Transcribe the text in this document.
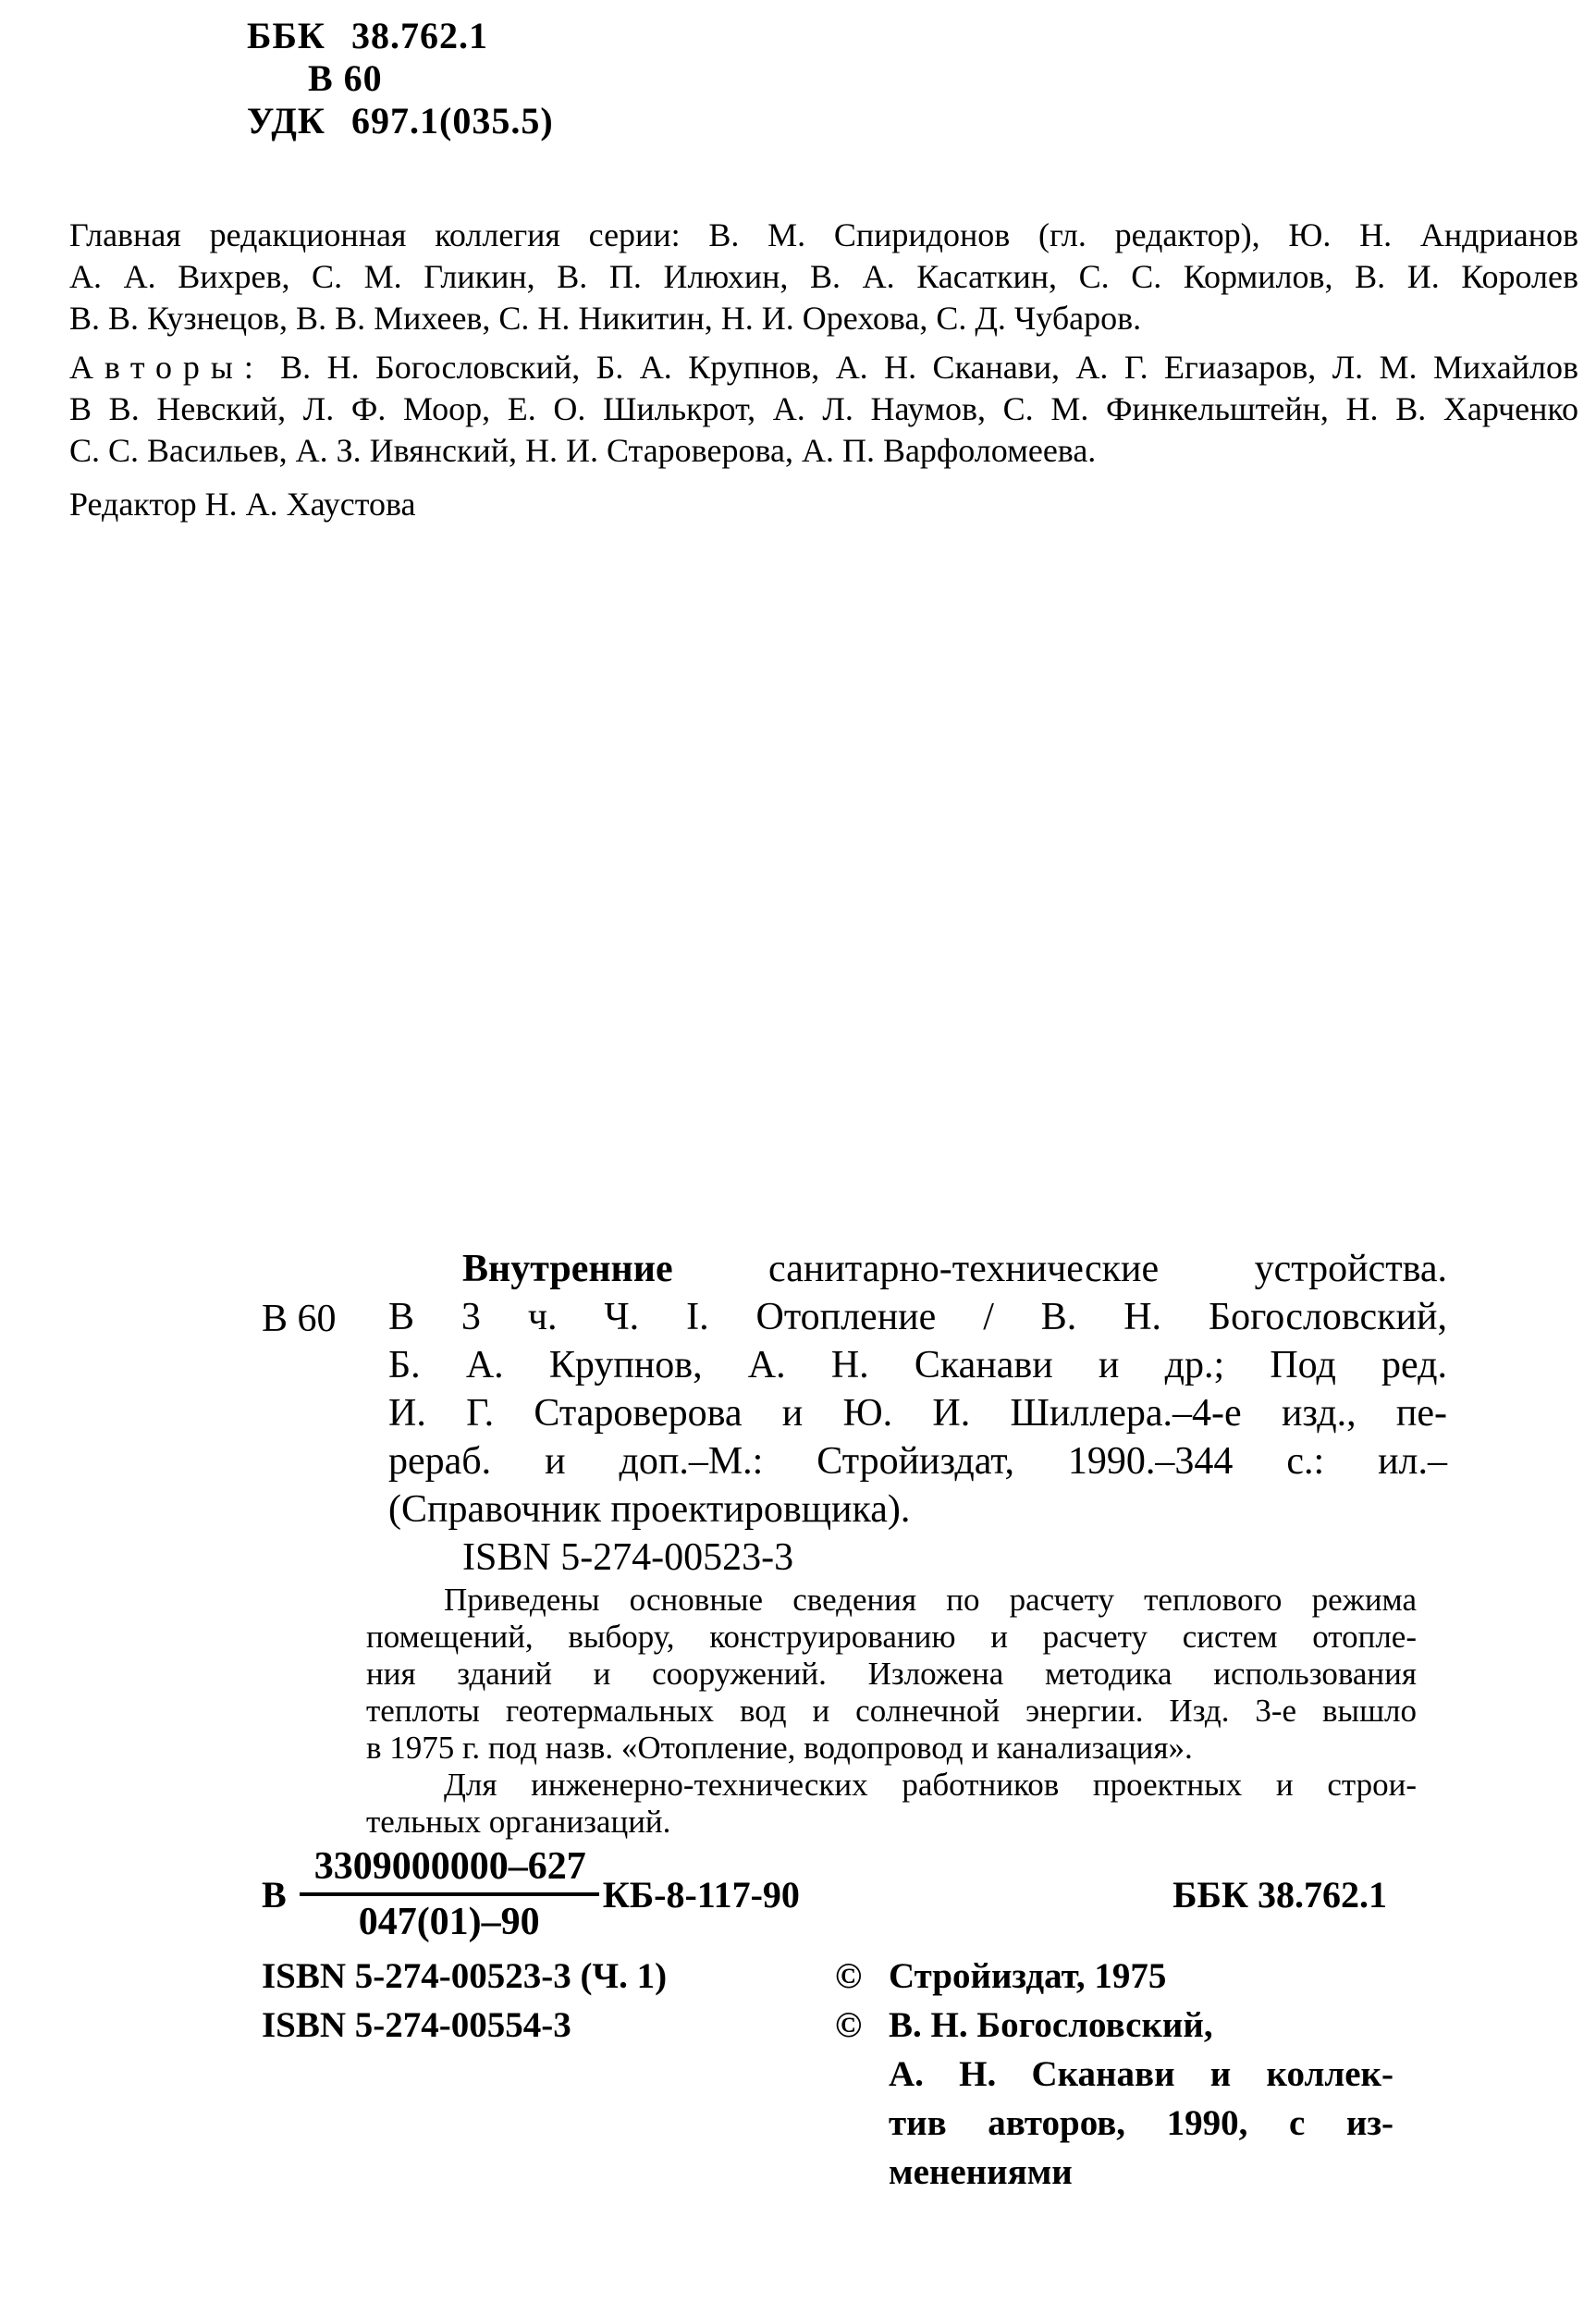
ББК 38.762.1
В 60
УДК 697.1(035.5)
Главная редакционная коллегия серии: В. М. Спиридонов (гл. редактор), Ю. Н. Андрианов
А. А. Вихрев, С. М. Гликин, В. П. Илюхин, В. А. Касаткин, С. С. Кормилов, В. И. Королев
В. В. Кузнецов, В. В. Михеев, С. Н. Никитин, Н. И. Орехова, С. Д. Чубаров.
Авторы: В. Н. Богословский, Б. А. Крупнов, А. Н. Сканави, А. Г. Егиазаров, Л. М. Михайлов
В В. Невский, Л. Ф. Моор, Е. О. Шилькрот, А. Л. Наумов, С. М. Финкельштейн, Н. В. Харченко
С. С. Васильев, А. З. Ивянский, Н. И. Староверова, А. П. Варфоломеева.
Редактор Н. А. Хаустова
В 60
Внутренние санитарно-технические устройства.
В 3 ч. Ч. I. Отопление / В. Н. Богословский,
Б. А. Крупнов, А. Н. Сканави и др.; Под ред.
И. Г. Староверова и Ю. И. Шиллера.–4-е изд., пе-
рераб. и доп.–М.: Стройиздат, 1990.–344 с.: ил.–
(Справочник проектировщика).
ISBN 5-274-00523-3
Приведены основные сведения по расчету теплового режима
помещений, выбору, конструированию и расчету систем отопле-
ния зданий и сооружений. Изложена методика использования
теплоты геотермальных вод и солнечной энергии. Изд. 3-е вышло
в 1975 г. под назв. «Отопление, водопровод и канализация».
Для инженерно-технических работников проектных и строи-
тельных организаций.
В $\frac{3309000000-627}{047(01)-90} КБ-8-117-90$	ББК 38.762.1
ISBN 5-274-00523-3 (Ч. 1)
ISBN 5-274-00554-3
© Стройиздат, 1975
© В. Н. Богословский,
А. Н. Сканави и коллек-
тив авторов, 1990, с из-
менениями
